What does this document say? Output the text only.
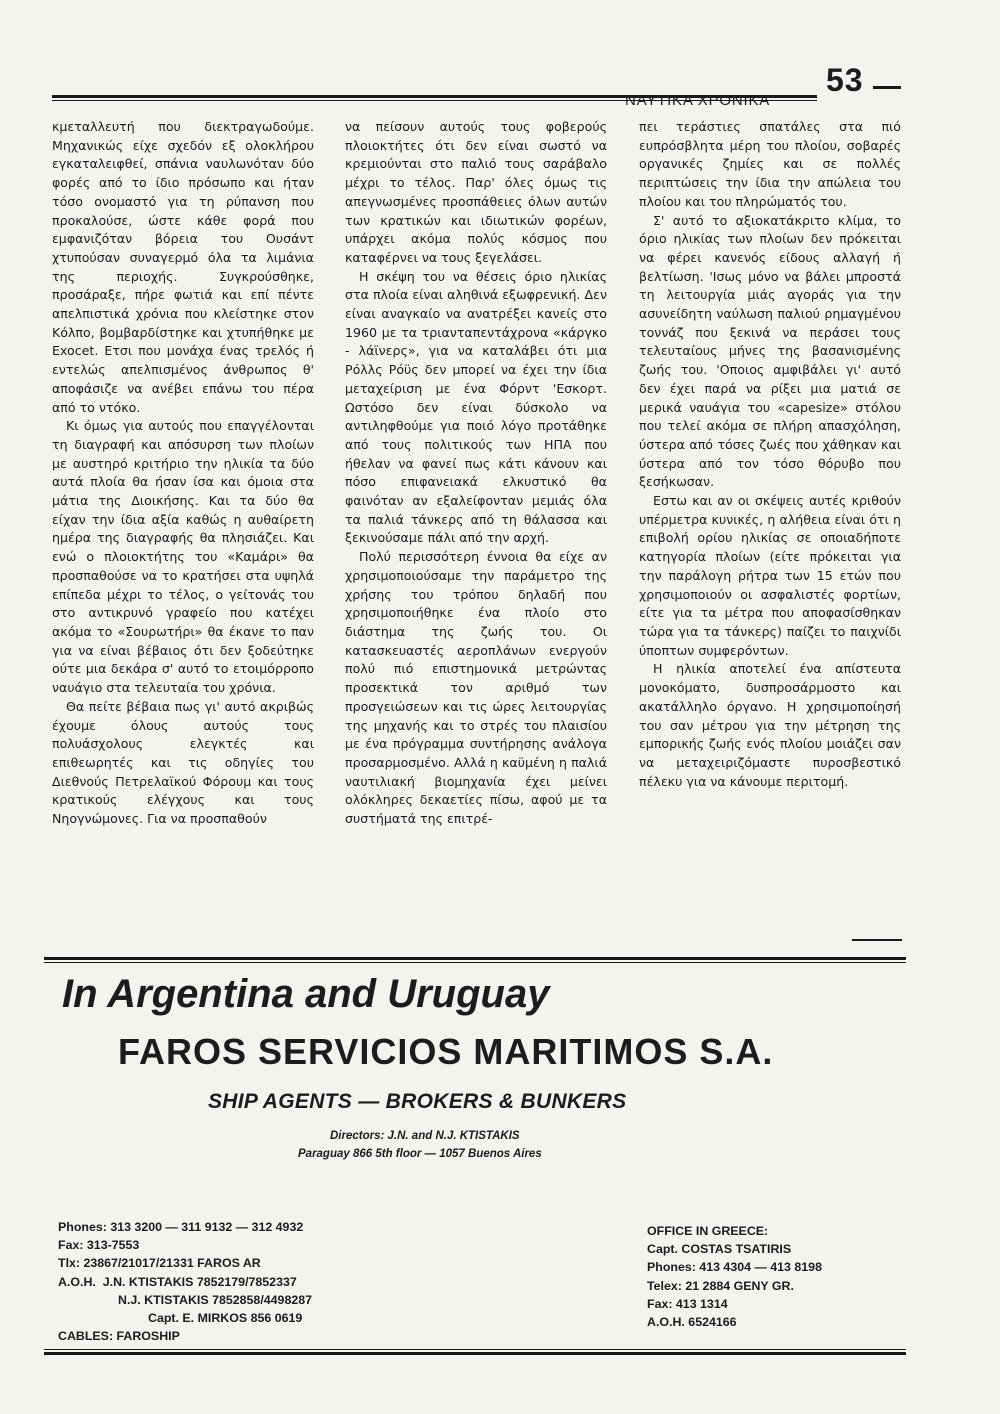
53
ΝΑΥΤΙΚΑ ΧΡΟΝΙΚΑ

κμεταλλευτή που διεκτραγωδούμε. Μηχανικώς είχε σχεδόν εξ ολοκλήρου εγκαταλειφθεί, σπάνια ναυλωνόταν δύο φορές από το ίδιο πρόσωπο και ήταν τόσο ονομαστό για τη ρύπανση που προκαλούσε, ώστε κάθε φορά που εμφανιζόταν βόρεια του Ουσάντ χτυπούσαν συναγερμό όλα τα λιμάνια της περιοχής. Συγκρούσθηκε, προσάραξε, πήρε φωτιά και επί πέντε απελπιστικά χρόνια που κλείστηκε στον Κόλπο, βομβαρδίστηκε και χτυπήθηκε με Exocet. Ετσι που μονάχα ένας τρελός ή εντελώς απελπισμένος άνθρωπος θ' αποφάσιζε να ανέβει επάνω του πέρα από το ντόκο.

Κι όμως για αυτούς που επαγγέλονται τη διαγραφή και απόσυρση των πλοίων με αυστηρό κριτήριο την ηλικία τα δύο αυτά πλοία θα ήσαν ίσα και όμοια στα μάτια της Διοικήσης. Και τα δύο θα είχαν την ίδια αξία καθώς η αυθαίρετη ημέρα της διαγραφής θα πλησιάζει. Και ενώ ο πλοιοκτήτης του «Καμάρι» θα προσπαθούσε να το κρατήσει στα υψηλά επίπεδα μέχρι το τέλος, ο γείτονάς του στο αντικρυνό γραφείο που κατέχει ακόμα το «Σουρωτήρι» θα έκανε το παν για να είναι βέβαιος ότι δεν ξοδεύτηκε ούτε μια δεκάρα σ' αυτό το ετοιμόρροπο ναυάγιο στα τελευταία του χρόνια.

Θα πείτε βέβαια πως γι' αυτό ακριβώς έχουμε όλους αυτούς τους πολυάσχολους ελεγκτές και επιθεωρητές και τις οδηγίες του Διεθνούς Πετρελαϊκού Φόρουμ και τους κρατικούς ελέγχους και τους Νηογνώμονες. Για να προσπαθούν

να πείσουν αυτούς τους φοβερούς πλοιοκτήτες ότι δεν είναι σωστό να κρεμιούνται στο παλιό τους σαράβαλο μέχρι το τέλος. Παρ' όλες όμως τις απεγνωσμένες προσπάθειες όλων αυτών των κρατικών και ιδιωτικών φορέων, υπάρχει ακόμα πολύς κόσμος που καταφέρνει να τους ξεγελάσει.

Η σκέψη του να θέσεις όριο ηλικίας στα πλοία είναι αληθινά εξωφρενική. Δεν είναι αναγκαίο να ανατρέξει κανείς στο 1960 με τα τριανταπεντάχρονα «κάργκο - λάϊνερς», για να καταλάβει ότι μια Ρόλλς Ρόϋς δεν μπορεί να έχει την ίδια μεταχείριση με ένα Φόρντ 'Εσκορτ. Ωστόσο δεν είναι δύσκολο να αντιληφθούμε για ποιό λόγο προτάθηκε από τους πολιτικούς των ΗΠΑ που ήθελαν να φανεί πως κάτι κάνουν και πόσο επιφανειακά ελκυστικό θα φαινόταν αν εξαλείφονταν μεμιάς όλα τα παλιά τάνκερς από τη θάλασσα και ξεκινούσαμε πάλι από την αρχή.

Πολύ περισσότερη έννοια θα είχε αν χρησιμοποιούσαμε την παράμετρο της χρήσης του τρόπου δηλαδή που χρησιμοποιήθηκε ένα πλοίο στο διάστημα της ζωής του. Οι κατασκευαστές αεροπλάνων ενεργούν πολύ πιό επιστημονικά μετρώντας προσεκτικά τον αριθμό των προσγειώσεων και τις ώρες λειτουργίας της μηχανής και το στρές του πλαισίου με ένα πρόγραμμα συντήρησης ανάλογα προσαρμοσμένο. Αλλά η καϋμένη η παλιά ναυτιλιακή βιομηχανία έχει μείνει ολόκληρες δεκαετίες πίσω, αφού με τα συστήματά της επιτρέ-

πει τεράστιες σπατάλες στα πιό ευπρόσβλητα μέρη του πλοίου, σοβαρές οργανικές ζημίες και σε πολλές περιπτώσεις την ίδια την απώλεια του πλοίου και του πληρώματός του.

Σ' αυτό το αξιοκατάκριτο κλίμα, το όριο ηλικίας των πλοίων δεν πρόκειται να φέρει κανενός είδους αλλαγή ή βελτίωση. 'Ισως μόνο να βάλει μπροστά τη λειτουργία μιάς αγοράς για την ασυνείδητη ναύλωση παλιού ρημαγμένου τοννάζ που ξεκινά να περάσει τους τελευταίους μήνες της βασανισμένης ζωής του. 'Οποιος αμφιβάλει γι' αυτό δεν έχει παρά να ρίξει μια ματιά σε μερικά ναυάγια του «capesize» στόλου που τελεί ακόμα σε πλήρη απασχόληση, ύστερα από τόσες ζωές που χάθηκαν και ύστερα από τον τόσο θόρυβο που ξεσήκωσαν.

Εστω και αν οι σκέψεις αυτές κριθούν υπέρμετρα κυνικές, η αλήθεια είναι ότι η επιβολή ορίου ηλικίας σε οποιαδήποτε κατηγορία πλοίων (είτε πρόκειται για την παράλογη ρήτρα των 15 ετών που χρησιμοποιούν οι ασφαλιστές φορτίων, είτε για τα μέτρα που αποφασίσθηκαν τώρα για τα τάνκερς) παίζει το παιχνίδι ύποπτων συμφερόντων.

Η ηλικία αποτελεί ένα απίστευτα μονοκόματο, δυσπροσάρμοστο και ακατάλληλο όργανο. Η χρησιμοποίησή του σαν μέτρου για την μέτρηση της εμπορικής ζωής ενός πλοίου μοιάζει σαν να μεταχειριζόμαστε πυροσβεστικό πέλεκυ για να κάνουμε περιτομή.

In Argentina and Uruguay
FAROS SERVICIOS MARITIMOS S.A.
SHIP AGENTS — BROKERS & BUNKERS
Directors: J.N. and N.J. KTISTAKIS
Paraguay 866 5th floor — 1057 Buenos Aires
Phones: 313 3200 — 311 9132 — 312 4932
Fax: 313-7553
Tlx: 23867/21017/21331 FAROS AR
A.O.H.  J.N. KTISTAKIS 7852179/7852337
N.J. KTISTAKIS 7852858/4498287
Capt. E. MIRKOS 856 0619
CABLES: FAROSHIP
OFFICE IN GREECE:
Capt. COSTAS TSATIRIS
Phones: 413 4304 — 413 8198
Telex: 21 2884 GENY GR.
Fax: 413 1314
A.O.H. 6524166
